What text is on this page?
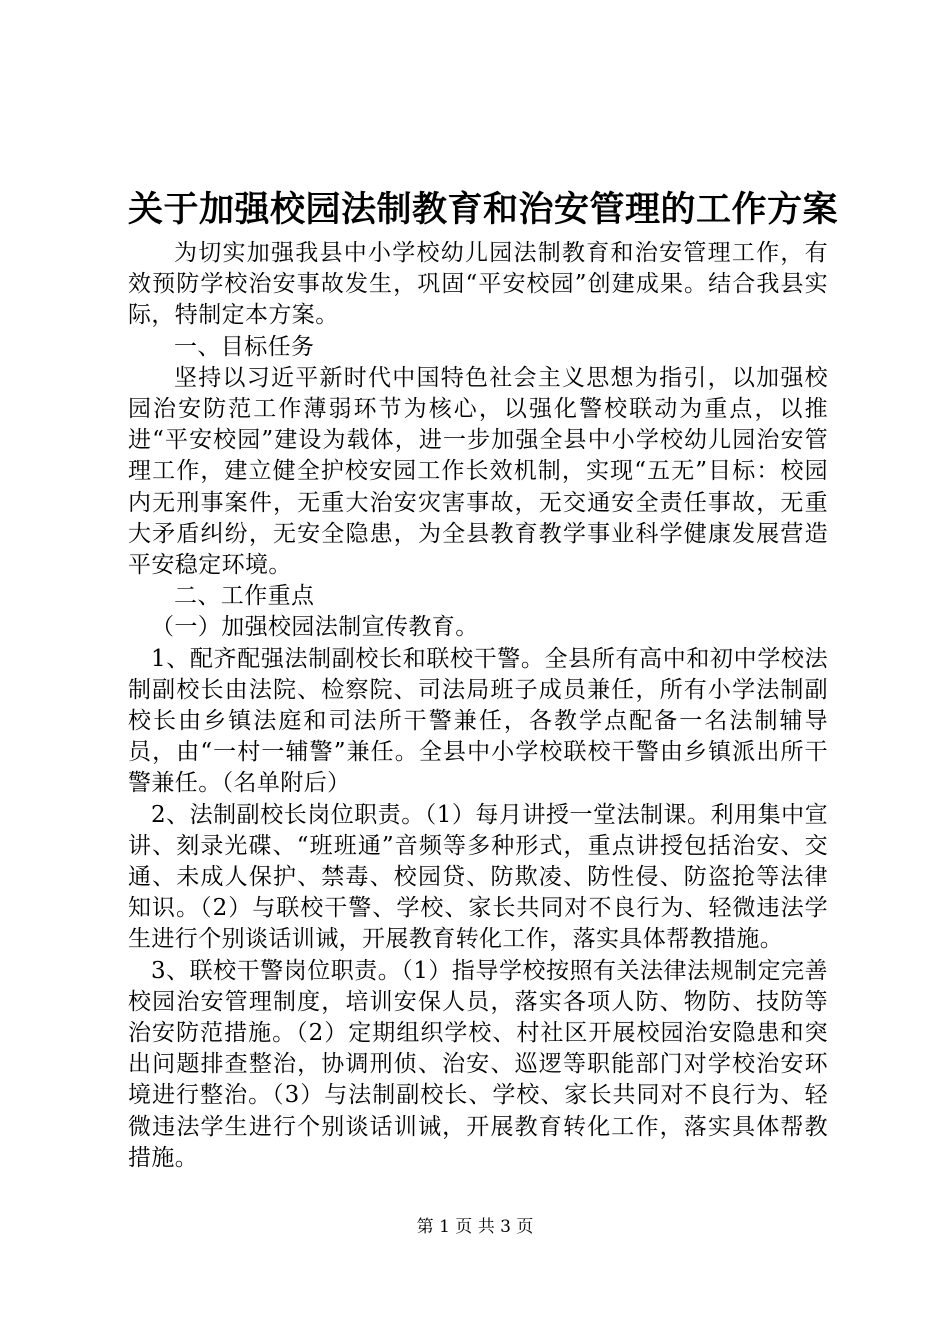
关于加强校园法制教育和治安管理的工作方案

为切实加强我县中小学校幼儿园法制教育和治安管理工作，有效预防学校治安事故发生，巩固“平安校园”创建成果。结合我县实际，特制定本方案。

一、目标任务

坚持以习近平新时代中国特色社会主义思想为指引，以加强校园治安防范工作薄弱环节为核心，以强化警校联动为重点，以推进“平安校园”建设为载体，进一步加强全县中小学校幼儿园治安管理工作，建立健全护校安园工作长效机制，实现“五无”目标：校园内无刑事案件，无重大治安灾害事故，无交通安全责任事故，无重大矛盾纠纷，无安全隐患，为全县教育教学事业科学健康发展营造平安稳定环境。

二、工作重点

（一）加强校园法制宣传教育。

1、配齐配强法制副校长和联校干警。全县所有高中和初中学校法制副校长由法院、检察院、司法局班子成员兼任，所有小学法制副校长由乡镇法庭和司法所干警兼任，各教学点配备一名法制辅导员，由“一村一辅警”兼任。全县中小学校联校干警由乡镇派出所干警兼任。（名单附后）

2、法制副校长岗位职责。（1）每月讲授一堂法制课。利用集中宣讲、刻录光碟、“班班通”音频等多种形式，重点讲授包括治安、交通、未成人保护、禁毒、校园贷、防欺凌、防性侵、防盗抢等法律知识。（2）与联校干警、学校、家长共同对不良行为、轻微违法学生进行个别谈话训诫，开展教育转化工作，落实具体帮教措施。

3、联校干警岗位职责。（1）指导学校按照有关法律法规制定完善校园治安管理制度，培训安保人员，落实各项人防、物防、技防等治安防范措施。（2）定期组织学校、村社区开展校园治安隐患和突出问题排查整治，协调刑侦、治安、巡逻等职能部门对学校治安环境进行整治。（3）与法制副校长、学校、家长共同对不良行为、轻微违法学生进行个别谈话训诫，开展教育转化工作，落实具体帮教措施。

第 1 页 共 3 页
